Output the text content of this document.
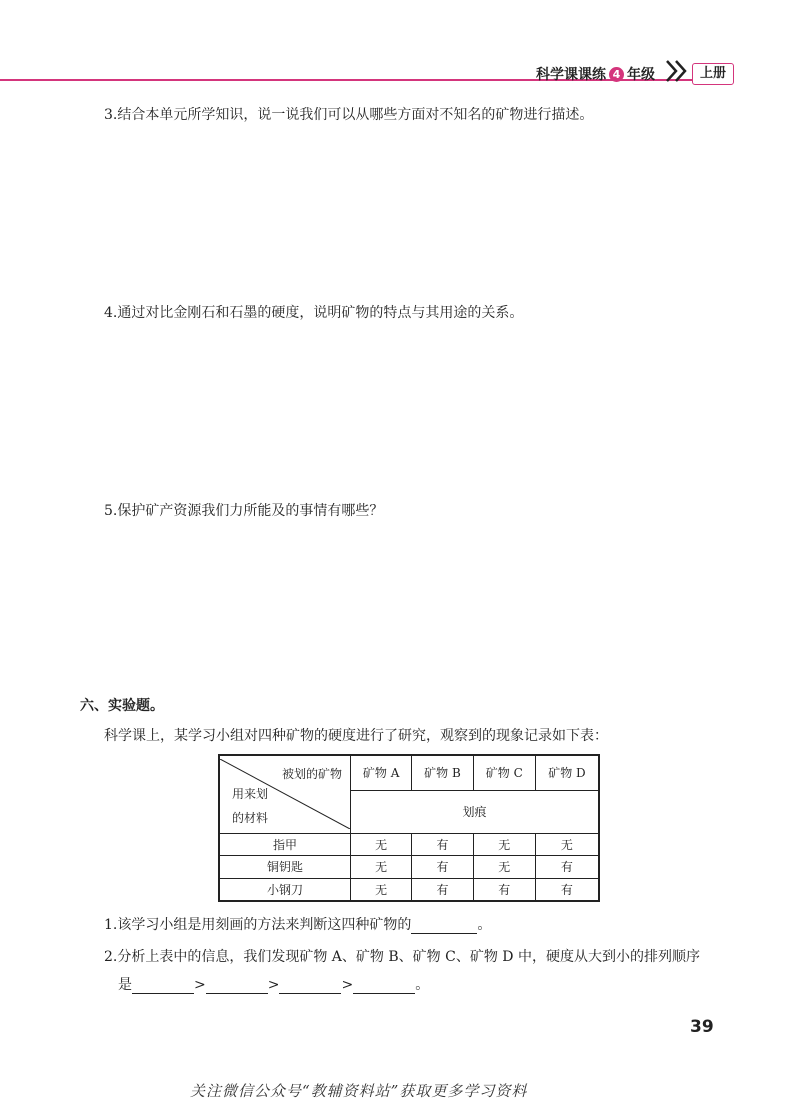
科学课课练 4 年级	上册
3.结合本单元所学知识，说一说我们可以从哪些方面对不知名的矿物进行描述。
4.通过对比金刚石和石墨的硬度，说明矿物的特点与其用途的关系。
5.保护矿产资源我们力所能及的事情有哪些？
六、实验题。
科学课上，某学习小组对四种矿物的硬度进行了研究，观察到的现象记录如下表：
被划的矿物
用来划
的材料	矿物 A	矿物 B	矿物 C	矿物 D
	划痕			
指甲	无	有	无	无
铜钥匙	无	有	无	有
小钢刀	无	有	有	有
1.该学习小组是用刻画的方法来判断这四种矿物的	。
2.分析上表中的信息，我们发现矿物 A、矿物 B、矿物 C、矿物 D 中，硬度从大到小的排列顺序
是	>	>	>	。
39
关注微信公众号“教辅资料站”获取更多学习资料
